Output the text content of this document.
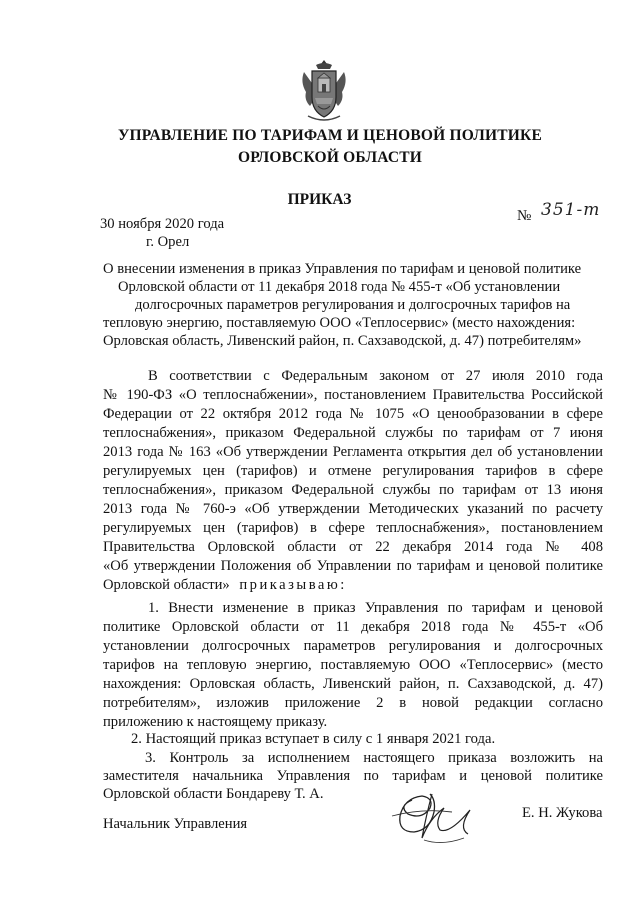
УПРАВЛЕНИЕ ПО ТАРИФАМ И ЦЕНОВОЙ ПОЛИТИКЕ
ОРЛОВСКОЙ ОБЛАСТИ
ПРИКАЗ
№ 351-т
30 ноября 2020 года
г. Орел
О внесении изменения в приказ Управления по тарифам и ценовой политике
Орловской области от 11 декабря 2018 года № 455-т «Об установлении
долгосрочных параметров регулирования и долгосрочных тарифов на
тепловую энергию, поставляемую ООО «Теплосервис» (место нахождения:
Орловская область, Ливенский район, п. Сахзаводской, д. 47) потребителям»
В соответствии с Федеральным законом от 27 июля 2010 года
№ 190-ФЗ «О теплоснабжении», постановлением Правительства Российской
Федерации от 22 октября 2012 года № 1075 «О ценообразовании в сфере
теплоснабжения», приказом Федеральной службы по тарифам от 7 июня
2013 года № 163 «Об утверждении Регламента открытия дел об установлении
регулируемых цен (тарифов) и отмене регулирования тарифов в сфере
теплоснабжения», приказом Федеральной службы по тарифам от 13 июня
2013 года № 760-э «Об утверждении Методических указаний по расчету
регулируемых цен (тарифов) в сфере теплоснабжения», постановлением
Правительства Орловской области от 22 декабря 2014 года № 408
«Об утверждении Положения об Управлении по тарифам и ценовой политике
Орловской области» приказываю:
1. Внести изменение в приказ Управления по тарифам и ценовой
политике Орловской области от 11 декабря 2018 года № 455-т «Об
установлении долгосрочных параметров регулирования и долгосрочных
тарифов на тепловую энергию, поставляемую ООО «Теплосервис» (место
нахождения: Орловская область, Ливенский район, п. Сахзаводской, д. 47)
потребителям», изложив приложение 2 в новой редакции согласно
приложению к настоящему приказу.
2. Настоящий приказ вступает в силу с 1 января 2021 года.
3. Контроль за исполнением настоящего приказа возложить на
заместителя начальника Управления по тарифам и ценовой политике
Орловской области Бондареву Т. А.
Начальник Управления
Е. Н. Жукова
